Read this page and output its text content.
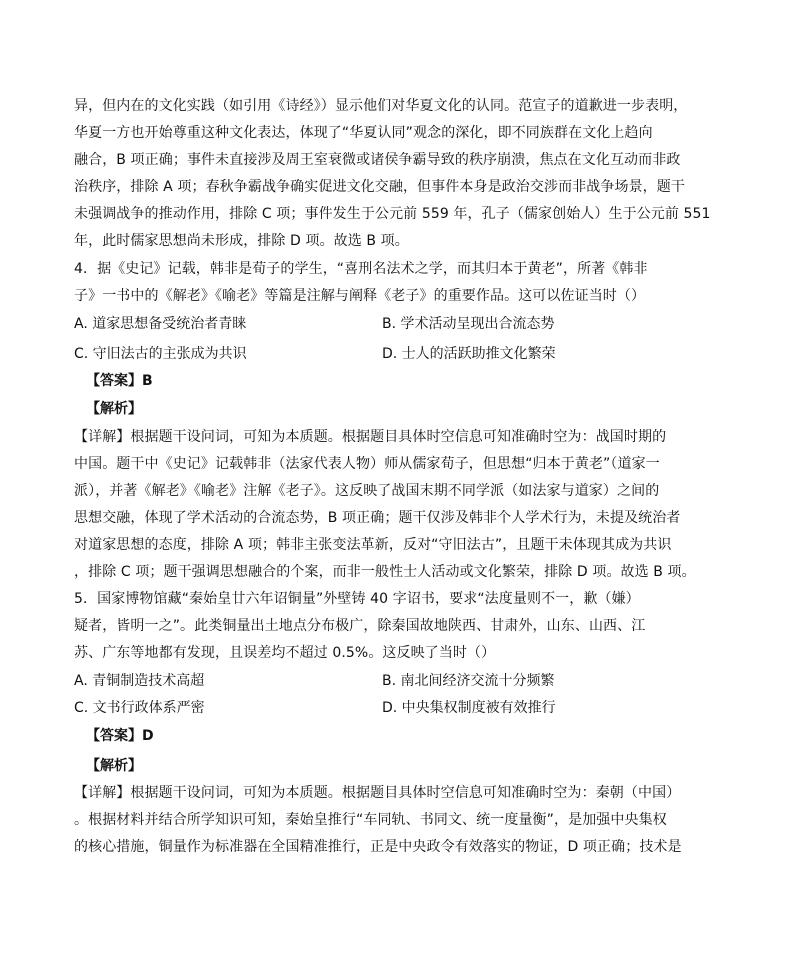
异，但内在的文化实践（如引用《诗经》）显示他们对华夏文化的认同。范宣子的道歉进一步表明，
华夏一方也开始尊重这种文化表达，体现了“华夏认同”观念的深化，即不同族群在文化上趋向
融合，B 项正确；事件未直接涉及周王室衰微或诸侯争霸导致的秩序崩溃，焦点在文化互动而非政
治秩序，排除 A 项；春秋争霸战争确实促进文化交融，但事件本身是政治交涉而非战争场景，题干
未强调战争的推动作用，排除 C 项；事件发生于公元前 559 年，孔子（儒家创始人）生于公元前 551
年，此时儒家思想尚未形成，排除 D 项。故选 B 项。
4．据《史记》记载，韩非是荀子的学生，“喜刑名法术之学，而其归本于黄老”，所著《韩非
子》一书中的《解老》《喻老》等篇是注解与阐释《老子》的重要作品。这可以佐证当时（）
A. 道家思想备受统治者青睐	B. 学术活动呈现出合流态势
C. 守旧法古的主张成为共识	D. 士人的活跃助推文化繁荣
【答案】B
【解析】
【详解】根据题干设问词，可知为本质题。根据题目具体时空信息可知准确时空为：战国时期的
中国。题干中《史记》记载韩非（法家代表人物）师从儒家荀子，但思想“归本于黄老”（道家一
派），并著《解老》《喻老》注解《老子》。这反映了战国末期不同学派（如法家与道家）之间的
思想交融，体现了学术活动的合流态势，B 项正确；题干仅涉及韩非个人学术行为，未提及统治者
对道家思想的态度，排除 A 项；韩非主张变法革新，反对“守旧法古”，且题干未体现其成为共识
，排除 C 项；题干强调思想融合的个案，而非一般性士人活动或文化繁荣，排除 D 项。故选 B 项。
5．国家博物馆藏“秦始皇廿六年诏铜量”外壁铸 40 字诏书，要求“法度量则不一，歉（嫌）
疑者，皆明一之”。此类铜量出土地点分布极广，除秦国故地陕西、甘肃外，山东、山西、江
苏、广东等地都有发现，且误差均不超过 0.5%。这反映了当时（）
A. 青铜制造技术高超	B. 南北间经济交流十分频繁
C. 文书行政体系严密	D. 中央集权制度被有效推行
【答案】D
【解析】
【详解】根据题干设问词，可知为本质题。根据题目具体时空信息可知准确时空为：秦朝（中国）
。根据材料并结合所学知识可知，秦始皇推行“车同轨、书同文、统一度量衡”，是加强中央集权
的核心措施，铜量作为标准器在全国精准推行，正是中央政令有效落实的物证，D 项正确；技术是
